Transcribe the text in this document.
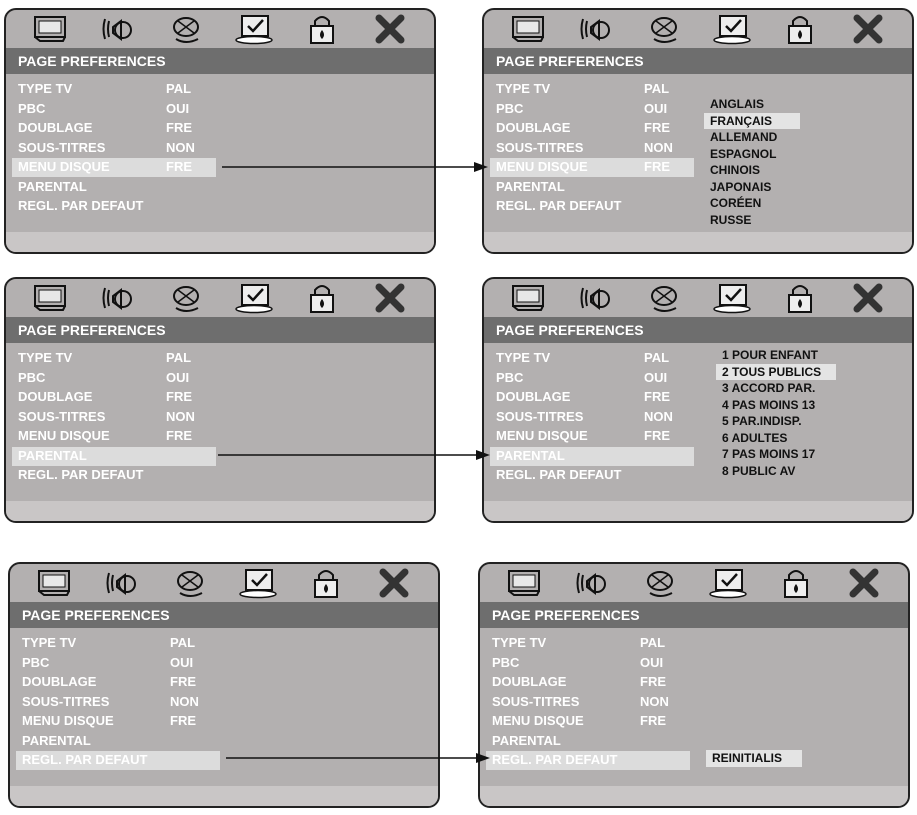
PAGE PREFERENCES
TYPE TV	PAL
PBC	OUI
DOUBLAGE	FRE
SOUS-TITRES	NON
MENU DISQUE	FRE
PARENTAL
REGL. PAR DEFAUT
PAGE PREFERENCES
TYPE TV	PAL
PBC	OUI
DOUBLAGE	FRE
SOUS-TITRES	NON
MENU DISQUE	FRE
PARENTAL
REGL. PAR DEFAUT
ANGLAIS
FRANÇAIS
ALLEMAND
ESPAGNOL
CHINOIS
JAPONAIS
CORÉEN
RUSSE
PAGE PREFERENCES
TYPE TV	PAL
PBC	OUI
DOUBLAGE	FRE
SOUS-TITRES	NON
MENU DISQUE	FRE
PARENTAL
REGL. PAR DEFAUT
PAGE PREFERENCES
TYPE TV	PAL
PBC	OUI
DOUBLAGE	FRE
SOUS-TITRES	NON
MENU DISQUE	FRE
PARENTAL
REGL. PAR DEFAUT
1 POUR ENFANT
2 TOUS PUBLICS
3 ACCORD PAR.
4 PAS MOINS 13
5 PAR.INDISP.
6 ADULTES
7 PAS MOINS 17
8 PUBLIC AV
PAGE PREFERENCES
TYPE TV	PAL
PBC	OUI
DOUBLAGE	FRE
SOUS-TITRES	NON
MENU DISQUE	FRE
PARENTAL
REGL. PAR DEFAUT
PAGE PREFERENCES
TYPE TV	PAL
PBC	OUI
DOUBLAGE	FRE
SOUS-TITRES	NON
MENU DISQUE	FRE
PARENTAL
REGL. PAR DEFAUT	REINITIALIS
